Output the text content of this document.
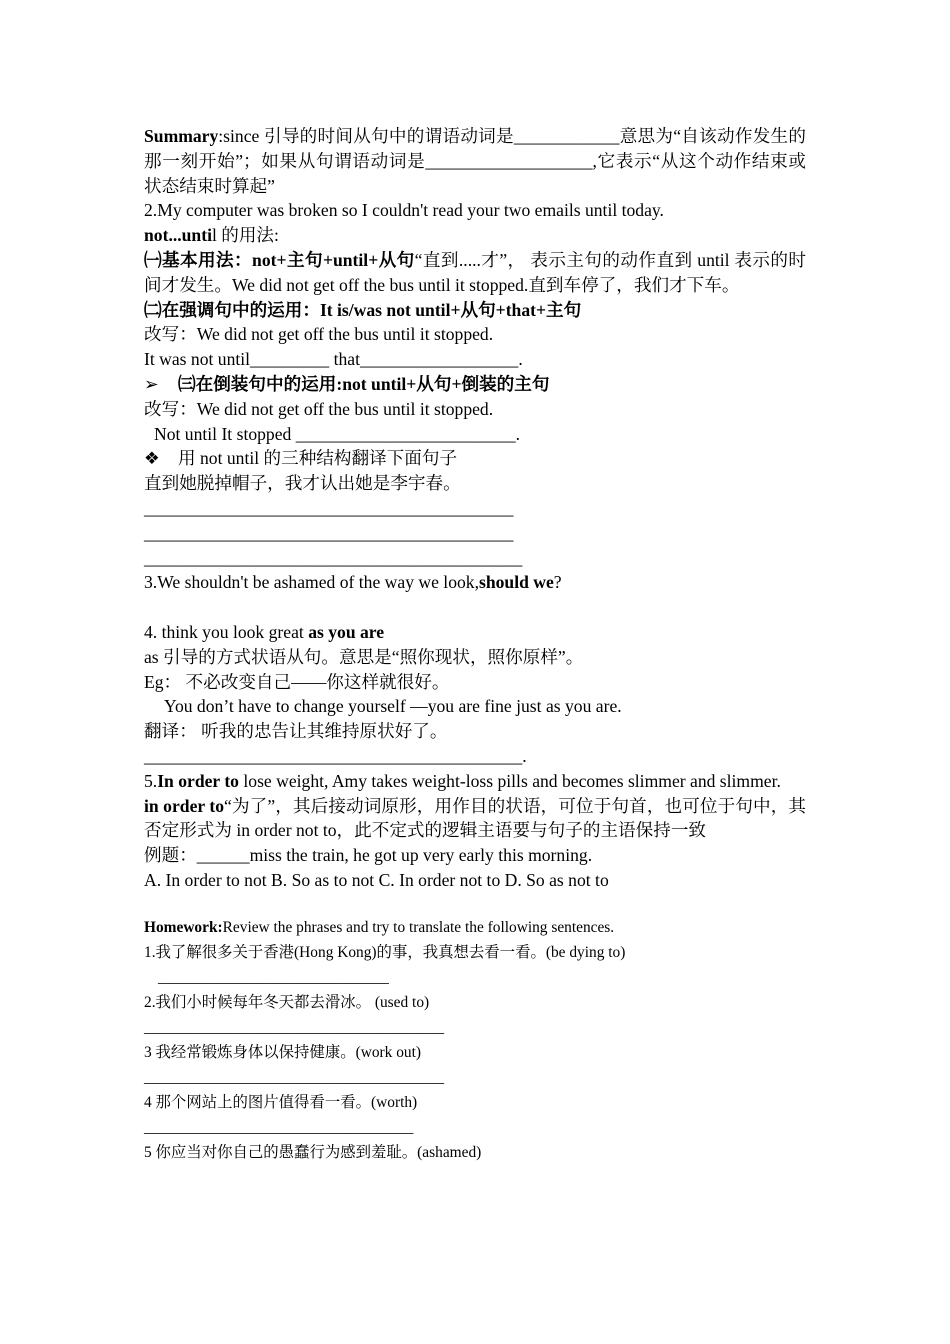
Summary:since 引导的时间从句中的谓语动词是____________意思为“自该动作发生的那一刻开始”；如果从句谓语动词是___________________,它表示“从这个动作结束或状态结束时算起”
2.My computer was broken so I couldn't read your two emails until today.
not...until 的用法:
㈠基本用法：not+主句+until+从句“直到.....才”， 表示主句的动作直到 until 表示的时间才发生。We did not get off the bus until it stopped.直到车停了，我们才下车。
㈡在强调句中的运用：It is/was not until+从句+that+主句
改写：We did not get off the bus until it stopped.
It was not until_________ that__________________.
➢ ㈢在倒装句中的运用:not until+从句+倒装的主句
改写：We did not get off the bus until it stopped.
Not until It stopped _________________________.
❖ 用 not until 的三种结构翻译下面句子
直到她脱掉帽子，我才认出她是李宇春。
__________________________________________
__________________________________________
___________________________________________
3.We shouldn't be ashamed of the way we look,should we?
4. think you look great as you are
as 引导的方式状语从句。意思是“照你现状，照你原样”。
Eg： 不必改变自己——你这样就很好。
You don’t have to change yourself —you are fine just as you are.
翻译： 听我的忠告让其维持原状好了。
___________________________________________.
5.In order to lose weight, Amy takes weight-loss pills and becomes slimmer and slimmer.
in order to“为了”，其后接动词原形，用作目的状语，可位于句首，也可位于句中，其否定形式为 in order not to，此不定式的逻辑主语要与句子的主语保持一致
例题：______miss the train, he got up very early this morning.
A. In order to not B. So as to not C. In order not to D. So as not to
Homework:Review the phrases and try to translate the following sentences.
1.我了解很多关于香港(Hong Kong)的事，我真想去看一看。(be dying to)
______________________________
2.我们小时候每年冬天都去滑冰。 (used to)
_______________________________________
3 我经常锻炼身体以保持健康。(work out)
_______________________________________
4 那个网站上的图片值得看一看。(worth)
___________________________________
5 你应当对你自己的愚蠢行为感到羞耻。(ashamed)
